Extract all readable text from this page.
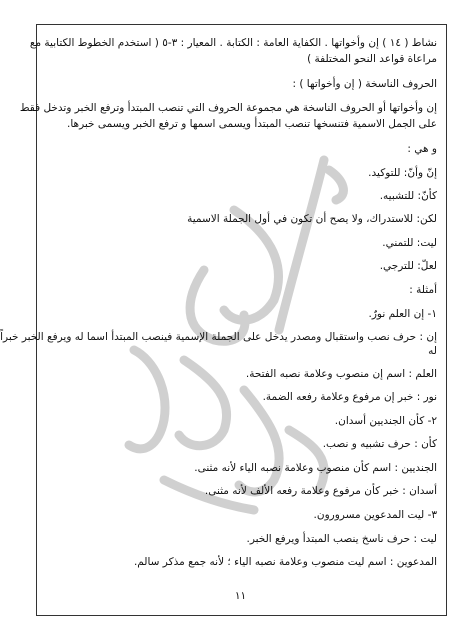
نشاط ( ١٤ ) إن وأخواتها . الكفاية العامة : الكتابة . المعيار : ٣-٥ ( استخدم الخطوط الكتابية مع
مراعاة قواعد النحو المختلفة )
الحروف الناسخة ( إن وأخواتها ) :
إن وأخواتها أو الحروف الناسخة هي مجموعة الحروف التي تنصب المبتدأ وترفع الخبر وتدخل فقط
على الجمل الاسمية فتنسخها تنصب المبتدأ ويسمى اسمها و ترفع الخبر ويسمى خبرها.
و هي :
إنّ وأنّ: للتوكيد.
كأنّ: للتشبيه.
لكن: للاستدراك، ولا يصح أن تكون في أول الجملة الاسمية
ليت: للتمني.
لعلّ: للترجي.
أمثلة :
١- إن العلم نورٌ.
إن : حرف نصب واستقبال ومصدر يدخل على الجملة الإسمية فينصب المبتدأ اسما له ويرفع الخبر خبراً
له
العلم : اسم إن منصوب وعلامة نصبه الفتحة.
نور : خبر إن مرفوع وعلامة رفعه الضمة.
٢- كأن الجنديين أسدان.
كأن : حرف تشبيه و نصب.
الجنديين : اسم كأن منصوب وعلامة نصبه الياء لأنه مثنى.
أسدان : خبر كأن مرفوع وعلامة رفعه الألف لأنه مثنى.
٣- ليت المدعوين مسرورون.
ليت : حرف ناسخ ينصب المبتدأ ويرفع الخبر.
المدعوين : اسم ليت منصوب وعلامة نصبه الياء ؛ لأنه جمع مذكر سالم.
١١
